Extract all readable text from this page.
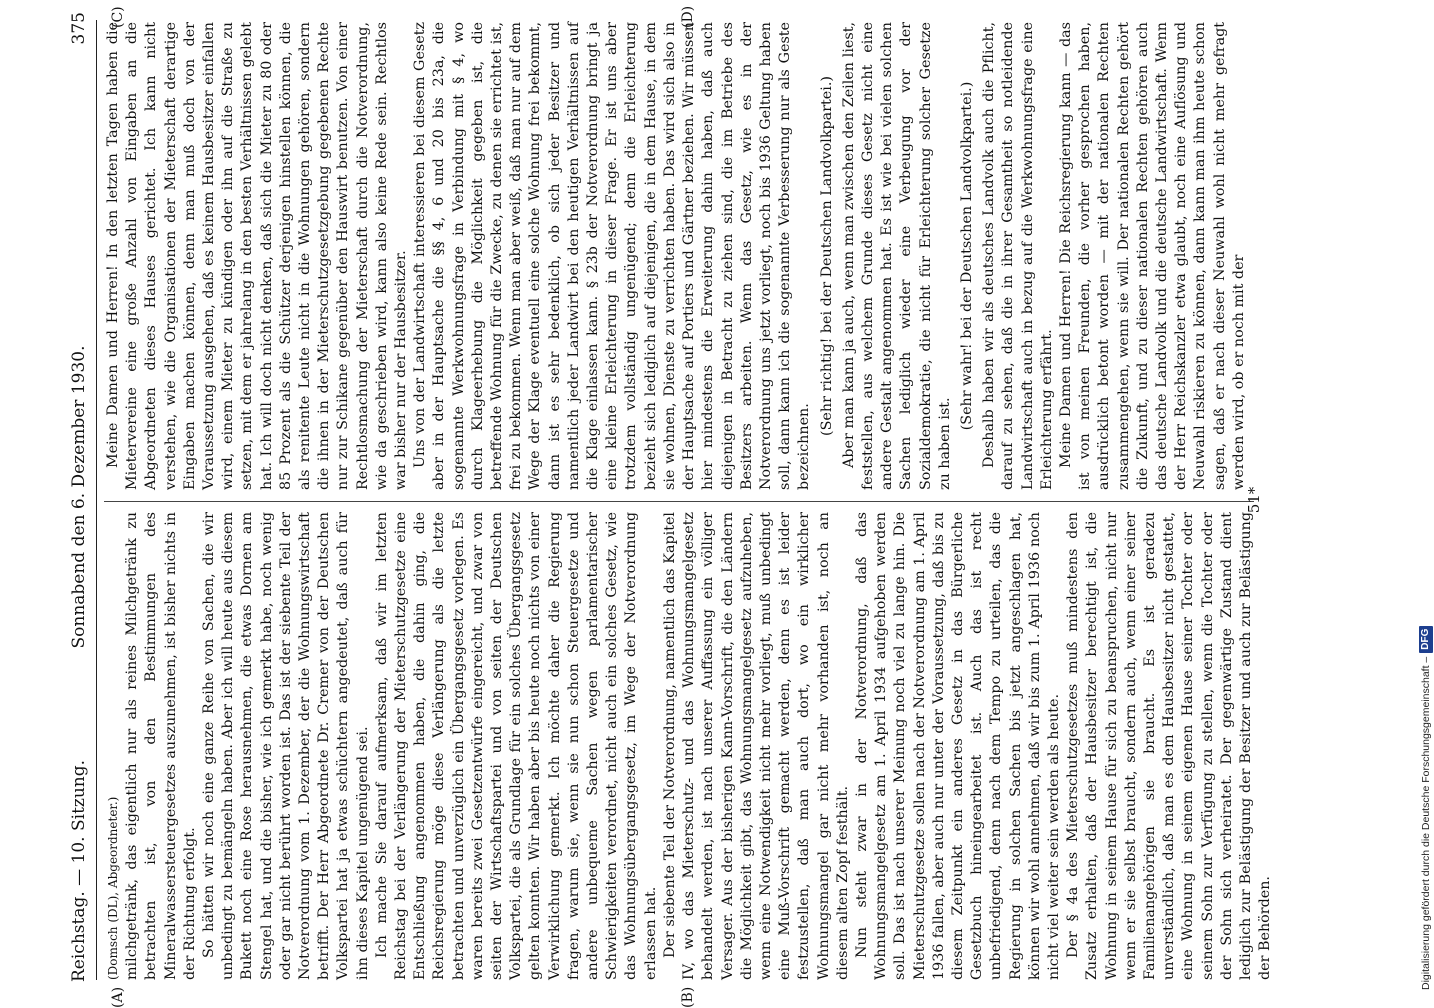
Reichstag. — 10. Sitzung.
Sonnabend den 6. Dezember 1930.
375
(A)	(B)
(C)	(D)

(Domsch (DL), Abgeordneter.) milchgetränk, das eigentlich nur als reines Milchgetränk zu betrachten ist, von den Bestimmungen des Mineralwassersteuergesetzes auszunehmen, ist bisher nichts in der Richtung erfolgt. So hätten wir noch eine ganze Reihe von Sachen, die wir unbedingt zu bemängeln haben. Aber ich will heute aus diesem Bukett noch eine Rose herausnehmen, die etwas Dornen am Stengel hat, und die bisher, wie ich gemerkt habe, noch wenig oder gar nicht berührt worden ist. Das ist der siebente Teil der Notverordnung vom 1. Dezember, der die Wohnungswirtschaft betrifft. Der Herr Abgeordnete Dr. Cremer von der Deutschen Volkspartei hat ja etwas schüchtern angedeutet, daß auch für ihn dieses Kapitel ungenügend sei. Ich mache Sie darauf aufmerksam, daß wir im letzten Reichstag bei der Verlängerung der Mieterschutzgesetze eine Entschließung angenommen haben, die dahin ging, die Reichsregierung möge diese Verlängerung als die letzte betrachten und unverzüglich ein Übergangsgesetz vorlegen. Es waren bereits zwei Gesetzentwürfe eingereicht, und zwar von seiten der Wirtschaftspartei und von seiten der Deutschen Volkspartei, die als Grundlage für ein solches Übergangsgesetz gelten konnten. Wir haben aber bis heute noch nichts von einer Verwirklichung gemerkt. Ich möchte daher die Regierung fragen, warum sie, wenn sie nun schon Steuergesetze und andere unbequeme Sachen wegen parlamentarischer Schwierigkeiten verordnet, nicht auch ein solches Gesetz, wie das Wohnungsübergangsgesetz, im Wege der Notverordnung erlassen hat. Der siebente Teil der Notverordnung, namentlich das Kapitel IV, wo das Mieterschutz- und das Wohnungsmangelgesetz behandelt werden, ist nach unserer Auffassung ein völliger Versager. Aus der bisherigen Kann-Vorschrift, die den Ländern die Möglichkeit gibt, das Wohnungsmangelgesetz aufzuheben, wenn eine Notwendigkeit nicht mehr vorliegt, muß unbedingt eine Muß-Vorschrift gemacht werden, denn es ist leider festzustellen, daß man auch dort, wo ein wirklicher Wohnungsmangel gar nicht mehr vorhanden ist, noch an diesem alten Zopf festhält. Nun steht zwar in der Notverordnung, daß das Wohnungsmangelgesetz am 1. April 1934 aufgehoben werden soll. Das ist nach unserer Meinung noch viel zu lange hin. Die Mieterschutzgesetze sollen nach der Notverordnung am 1. April 1936 fallen, aber auch nur unter der Voraussetzung, daß bis zu diesem Zeitpunkt ein anderes Gesetz in das Bürgerliche Gesetzbuch hineingearbeitet ist. Auch das ist recht unbefriedigend, denn nach dem Tempo zu urteilen, das die Regierung in solchen Sachen bis jetzt angeschlagen hat, können wir wohl annehmen, daß wir bis zum 1. April 1936 noch nicht viel weiter sein werden als heute. Der § 4a des Mieterschutzgesetzes muß mindestens den Zusatz erhalten, daß der Hausbesitzer berechtigt ist, die Wohnung in seinem Hause für sich zu beanspruchen, nicht nur wenn er sie selbst braucht, sondern auch, wenn einer seiner Familienangehörigen sie braucht. Es ist geradezu unverständlich, daß man es dem Hausbesitzer nicht gestattet, eine Wohnung in seinem eigenen Hause seiner Tochter oder seinem Sohn zur Verfügung zu stellen, wenn die Tochter oder der Sohn sich verheiratet. Der gegenwärtige Zustand dient lediglich zur Belästigung der Besitzer und auch zur Belästigung der Behörden.

Meine Damen und Herren! In den letzten Tagen haben die Mietervereine eine große Anzahl von Eingaben an die Abgeordneten dieses Hauses gerichtet. Ich kann nicht verstehen, wie die Organisationen der Mieterschaft derartige Eingaben machen können, denn man muß doch von der Voraussetzung ausgehen, daß es keinem Hausbesitzer einfallen wird, einem Mieter zu kündigen oder ihn auf die Straße zu setzen, mit dem er jahrelang in den besten Verhältnissen gelebt hat. Ich will doch nicht denken, daß sich die Mieter zu 80 oder 85 Prozent als die Schützer derjenigen hinstellen können, die als renitente Leute nicht in die Wohnungen gehören, sondern die ihnen in der Mieterschutzgesetzgebung gegebenen Rechte nur zur Schikane gegenüber den Hauswirt benutzen. Von einer Rechtlosmachung der Mieterschaft durch die Notverordnung, wie da geschrieben wird, kann also keine Rede sein. Rechtlos war bisher nur der Hausbesitzer. Uns von der Landwirtschaft interessieren bei diesem Gesetz aber in der Hauptsache die §§ 4, 6 und 20 bis 23a, die sogenannte Werkwohnungsfrage in Verbindung mit § 4, wo durch Klageerhebung die Möglichkeit gegeben ist, die betreffende Wohnung für die Zwecke, zu denen sie errichtet ist, frei zu bekommen. Wenn man aber weiß, daß man nur auf dem Wege der Klage eventuell eine solche Wohnung frei bekommt, dann ist es sehr bedenklich, ob sich jeder Besitzer und namentlich jeder Landwirt bei den heutigen Verhältnissen auf die Klage einlassen kann. § 23b der Notverordnung bringt ja eine kleine Erleichterung in dieser Frage. Er ist uns aber trotzdem vollständig ungenügend; denn die Erleichterung bezieht sich lediglich auf diejenigen, die in dem Hause, in dem sie wohnen, Dienste zu verrichten haben. Das wird sich also in der Hauptsache auf Portiers und Gärtner beziehen. Wir müssen hier mindestens die Erweiterung dahin haben, daß auch diejenigen in Betracht zu ziehen sind, die im Betriebe des Besitzers arbeiten. Wenn das Gesetz, wie es in der Notverordnung uns jetzt vorliegt, noch bis 1936 Geltung haben soll, dann kann ich die sogenannte Verbesserung nur als Geste bezeichnen.

(Sehr richtig! bei der Deutschen Landvolkpartei.) Aber man kann ja auch, wenn man zwischen den Zeilen liest, feststellen, aus welchem Grunde dieses Gesetz nicht eine andere Gestalt angenommen hat. Es ist wie bei vielen solchen Sachen lediglich wieder eine Verbeugung vor der Sozialdemokratie, die nicht für Erleichterung solcher Gesetze zu haben ist.

(Sehr wahr! bei der Deutschen Landvolkpartei.) Deshalb haben wir als deutsches Landvolk auch die Pflicht, darauf zu sehen, daß die in ihrer Gesamtheit so notleidende Landwirtschaft auch in bezug auf die Werkwohnungsfrage eine Erleichterung erfährt. Meine Damen und Herren! Die Reichsregierung kann — das ist von meinen Freunden, die vorher gesprochen haben, ausdrücklich betont worden — mit der nationalen Rechten zusammengehen, wenn sie will. Der nationalen Rechten gehört die Zukunft, und zu dieser nationalen Rechten gehören auch das deutsche Landvolk und die deutsche Landwirtschaft. Wenn der Herr Reichskanzler etwa glaubt, noch eine Auflösung und Neuwahl riskieren zu können, dann kann man ihm heute schon sagen, daß er nach dieser Neuwahl wohl nicht mehr gefragt werden wird, ob er noch mit der

51*
Digitalisierung gefördert durch die Deutsche Forschungsgemeinschaft –
DFG
